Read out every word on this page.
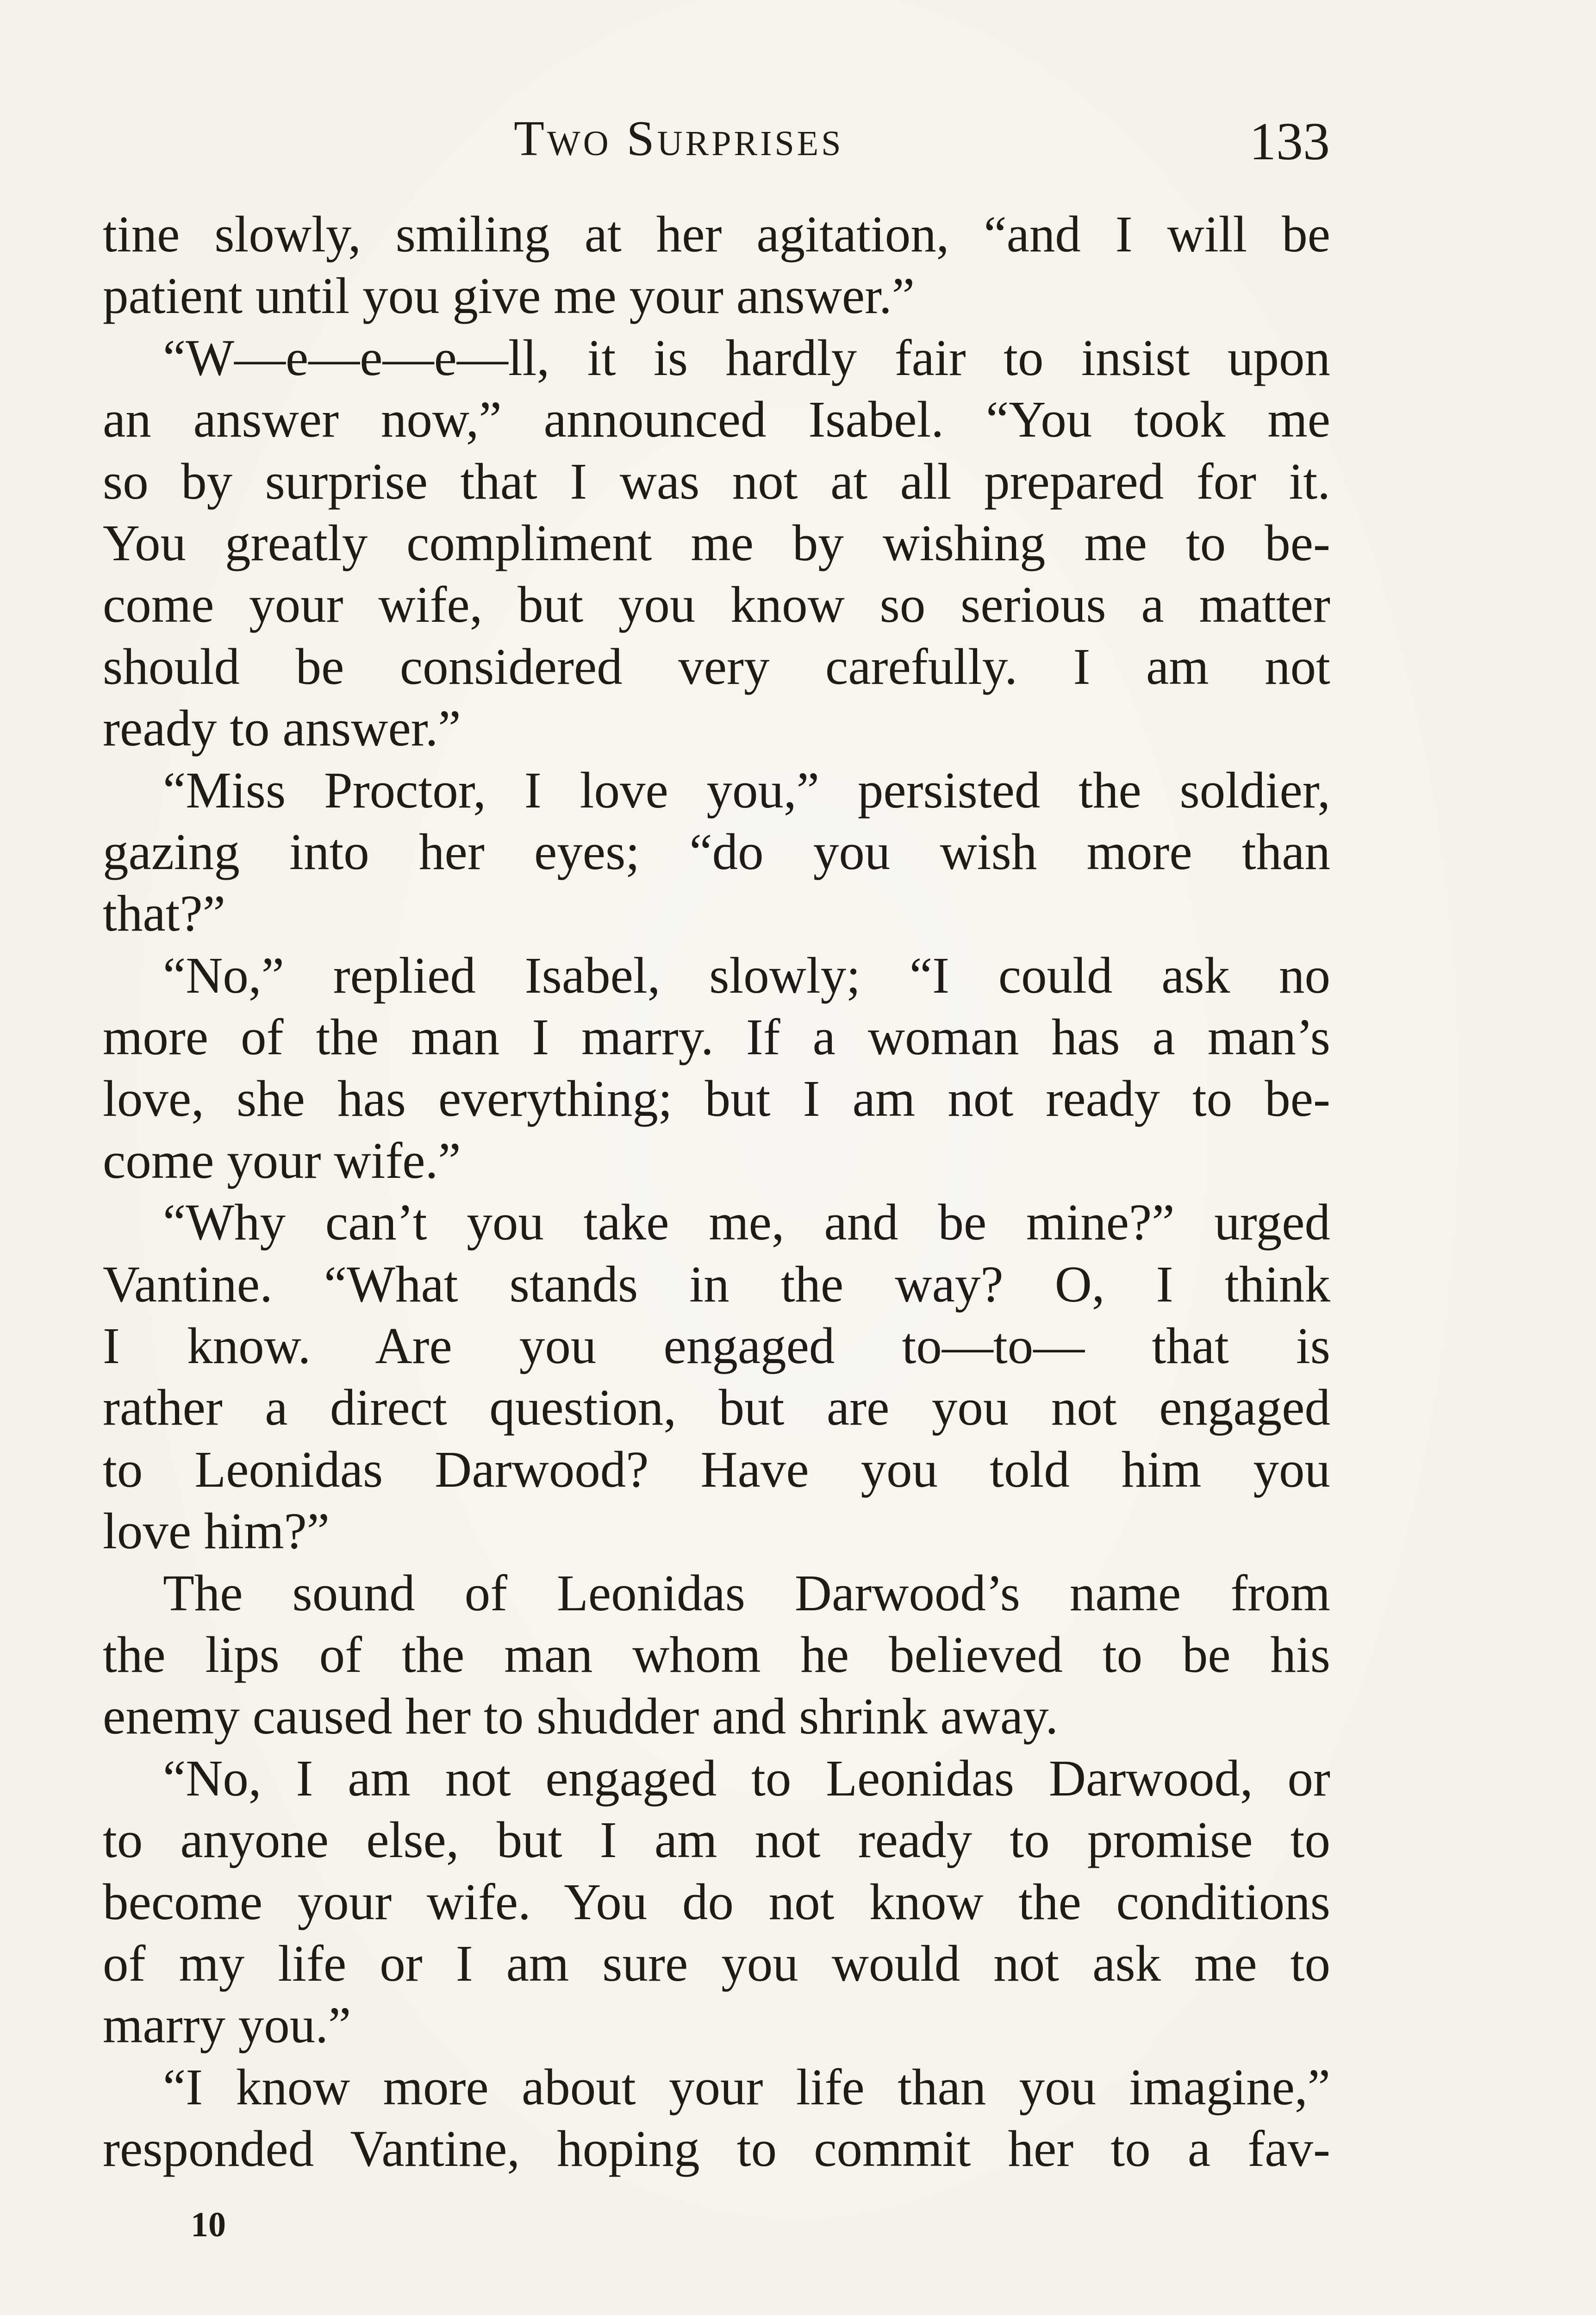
Two Surprises	133
tine slowly, smiling at her agitation, “and I will be
patient until you give me your answer.”
“W—e—e—e—ll, it is hardly fair to insist upon
an answer now,” announced Isabel. “You took me
so by surprise that I was not at all prepared for it.
You greatly compliment me by wishing me to be-
come your wife, but you know so serious a matter
should be considered very carefully. I am not
ready to answer.”
“Miss Proctor, I love you,” persisted the soldier,
gazing into her eyes; “do you wish more than
that?”
“No,” replied Isabel, slowly; “I could ask no
more of the man I marry. If a woman has a man’s
love, she has everything; but I am not ready to be-
come your wife.”
“Why can’t you take me, and be mine?” urged
Vantine. “What stands in the way? O, I think
I know. Are you engaged to—to— that is
rather a direct question, but are you not engaged
to Leonidas Darwood? Have you told him you
love him?”
The sound of Leonidas Darwood’s name from
the lips of the man whom he believed to be his
enemy caused her to shudder and shrink away.
“No, I am not engaged to Leonidas Darwood, or
to anyone else, but I am not ready to promise to
become your wife. You do not know the conditions
of my life or I am sure you would not ask me to
marry you.”
“I know more about your life than you imagine,”
responded Vantine, hoping to commit her to a fav-
10
